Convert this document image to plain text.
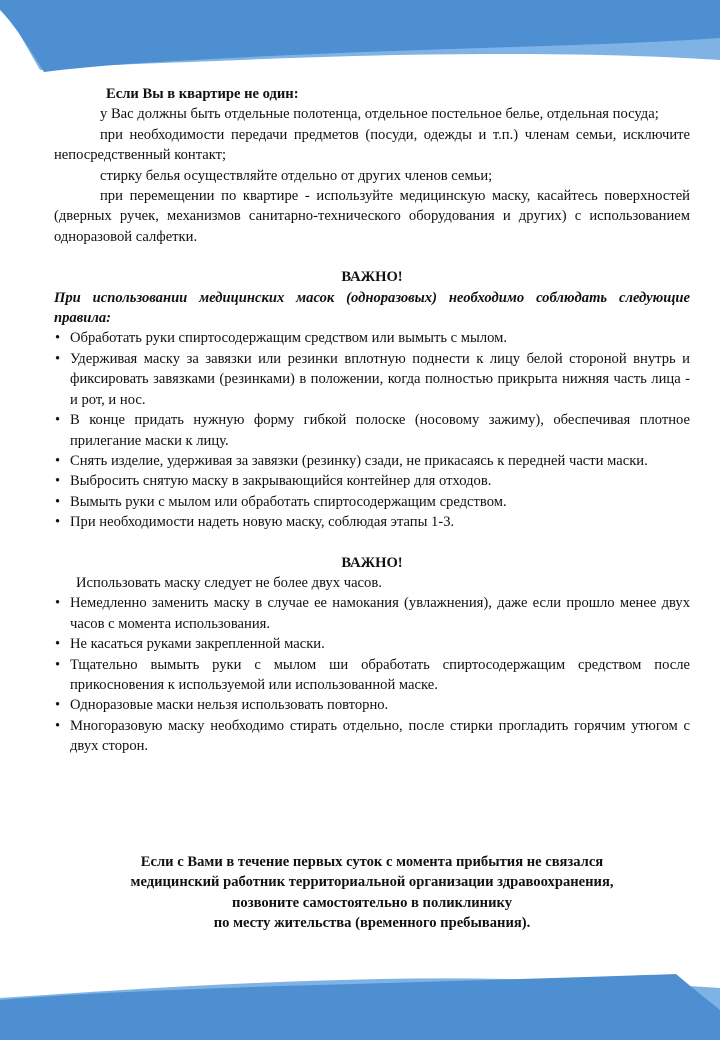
Если Вы в квартире не один:
у Вас должны быть отдельные полотенца, отдельное постельное белье, отдельная посуда;
при необходимости передачи предметов (посуди, одежды и т.п.) членам семьи, исключите непосредственный контакт;
стирку белья осуществляйте отдельно от других членов семьи;
при перемещении по квартире - используйте медицинскую маску, касайтесь поверхностей (дверных ручек, механизмов санитарно-технического оборудования и других) с использованием одноразовой салфетки.
ВАЖНО!
При использовании медицинских масок (одноразовых) необходимо соблюдать следующие правила:
• Обработать руки спиртосодержащим средством или вымыть с мылом.
• Удерживая маску за завязки или резинки вплотную поднести к лицу белой стороной внутрь и фиксировать завязками (резинками) в положении, когда полностью прикрыта нижняя часть лица - и рот, и нос.
• В конце придать нужную форму гибкой полоске (носовому зажиму), обеспечивая плотное прилегание маски к лицу.
• Снять изделие, удерживая за завязки (резинку) сзади, не прикасаясь к передней части маски.
• Выбросить снятую маску в закрывающийся контейнер для отходов.
• Вымыть руки с мылом или обработать спиртосодержащим средством.
• При необходимости надеть новую маску, соблюдая этапы 1-3.
ВАЖНО!
Использовать маску следует не более двух часов.
• Немедленно заменить маску в случае ее намокания (увлажнения), даже если прошло менее двух часов с момента использования.
• Не касаться руками закрепленной маски.
• Тщательно вымыть руки с мылом ши обработать спиртосодержащим средством после прикосновения к используемой или использованной маске.
• Одноразовые маски нельзя использовать повторно.
• Многоразовую маску необходимо стирать отдельно, после стирки прогладить горячим утюгом с двух сторон.
Если с Вами в течение первых суток с момента прибытия не связался
медицинский работник территориальной организации здравоохранения,
позвоните самостоятельно в поликлинику
по месту жительства (временного пребывания).
